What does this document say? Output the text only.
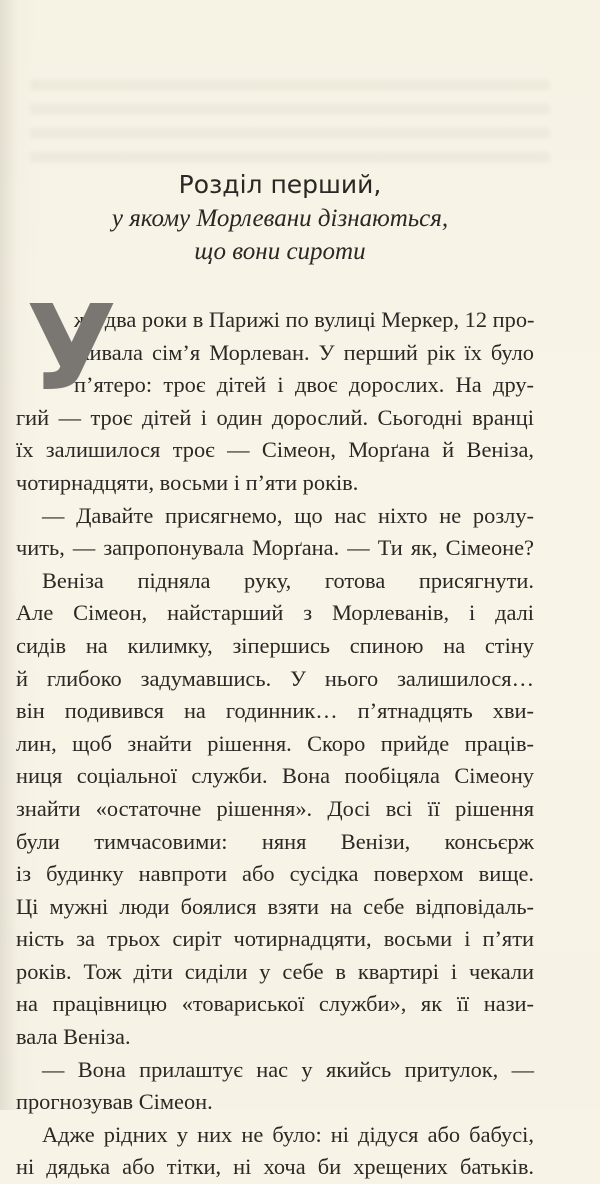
Розділ перший,
у якому Морлевани дізнаються,
що вони сироти
У
же два роки в Парижі по вулиці Меркер, 12 про-
живала сім’я Морлеван. У перший рік їх було
п’ятеро: троє дітей і двоє дорослих. На дру-
гий — троє дітей і один дорослий. Сьогодні вранці
їх залишилося троє — Сімеон, Морґана й Веніза,
чотирнадцяти, восьми і п’яти років.
— Давайте присягнемо, що нас ніхто не розлу-
чить, — запропонувала Морґана. — Ти як, Сімеоне?
Веніза підняла руку, готова присягнути.
Але Сімеон, найстарший з Морлеванів, і далі
сидів на килимку, зіпершись спиною на стіну
й глибоко задумавшись. У нього залишилося…
він подивився на годинник… п’ятнадцять хви-
лин, щоб знайти рішення. Скоро прийде праців-
ниця соціальної служби. Вона пообіцяла Сімеону
знайти «остаточне рішення». Досі всі її рішення
були тимчасовими: няня Венізи, консьєрж
із будинку навпроти або сусідка поверхом вище.
Ці мужні люди боялися взяти на себе відповідаль-
ність за трьох сиріт чотирнадцяти, восьми і п’яти
років. Тож діти сиділи у себе в квартирі і чекали
на працівницю «товариської служби», як її нази-
вала Веніза.
— Вона прилаштує нас у якийсь притулок, —
прогнозував Сімеон.
Адже рідних у них не було: ні дідуся або бабусі,
ні дядька або тітки, ні хоча би хрещених батьків.
